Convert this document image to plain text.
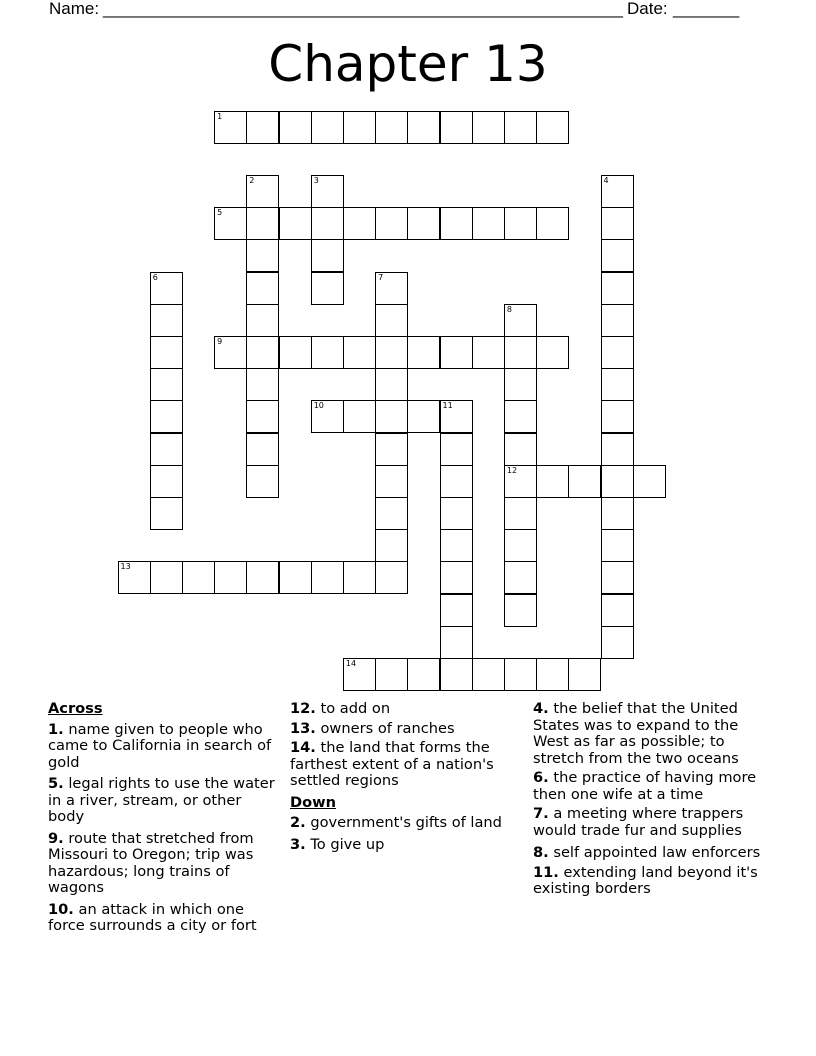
Name: _______________________________________________________ Date: _______
Chapter 13
1
2	3	4
5
6	7
8
12
9
10	11
13
14
Across
1. name given to people who came to California in search of gold
5. legal rights to use the water in a river, stream, or other body
9. route that stretched from Missouri to Oregon; trip was hazardous; long trains of wagons
10. an attack in which one force surrounds a city or fort
12. to add on
13. owners of ranches
14. the land that forms the farthest extent of a nation's settled regions
Down
2. government's gifts of land
3. To give up
4. the belief that the United States was to expand to the West as far as possible; to stretch from the two oceans
6. the practice of having more then one wife at a time
7. a meeting where trappers would trade fur and supplies
8. self appointed law enforcers
11. extending land beyond it's existing borders
